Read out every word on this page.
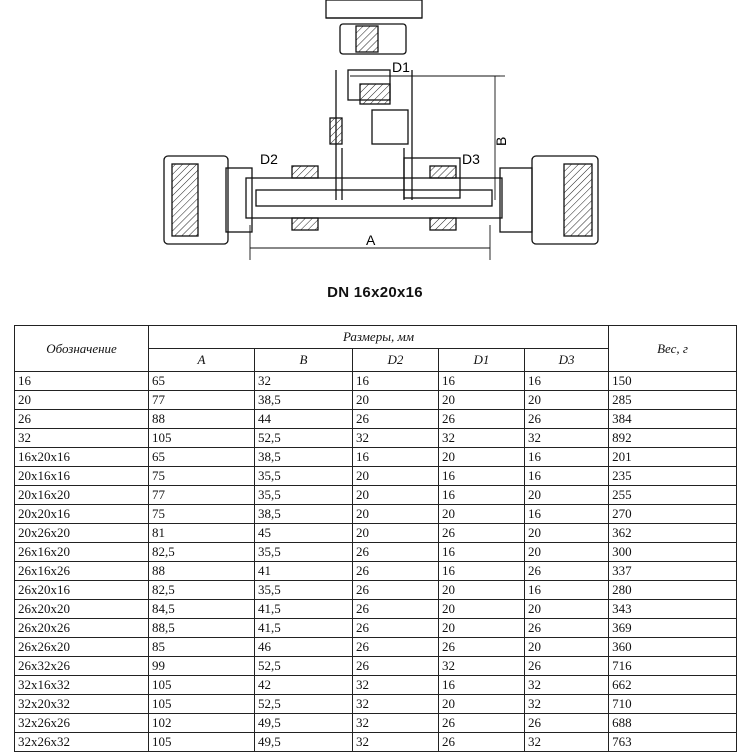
D1
D2	D3
A
B
DN 16x20x16
Обозначение	Размеры, мм					Вес, г
	A	B	D2	D1	D3	
16	65	32	16	16	16	150
20	77	38,5	20	20	20	285
26	88	44	26	26	26	384
32	105	52,5	32	32	32	892
16x20x16	65	38,5	16	20	16	201
20x16x16	75	35,5	20	16	16	235
20x16x20	77	35,5	20	16	20	255
20x20x16	75	38,5	20	20	16	270
20x26x20	81	45	20	26	20	362
26x16x20	82,5	35,5	26	16	20	300
26x16x26	88	41	26	16	26	337
26x20x16	82,5	35,5	26	20	16	280
26x20x20	84,5	41,5	26	20	20	343
26x20x26	88,5	41,5	26	20	26	369
26x26x20	85	46	26	26	20	360
26x32x26	99	52,5	26	32	26	716
32x16x32	105	42	32	16	32	662
32x20x32	105	52,5	32	20	32	710
32x26x26	102	49,5	32	26	26	688
32x26x32	105	49,5	32	26	32	763
